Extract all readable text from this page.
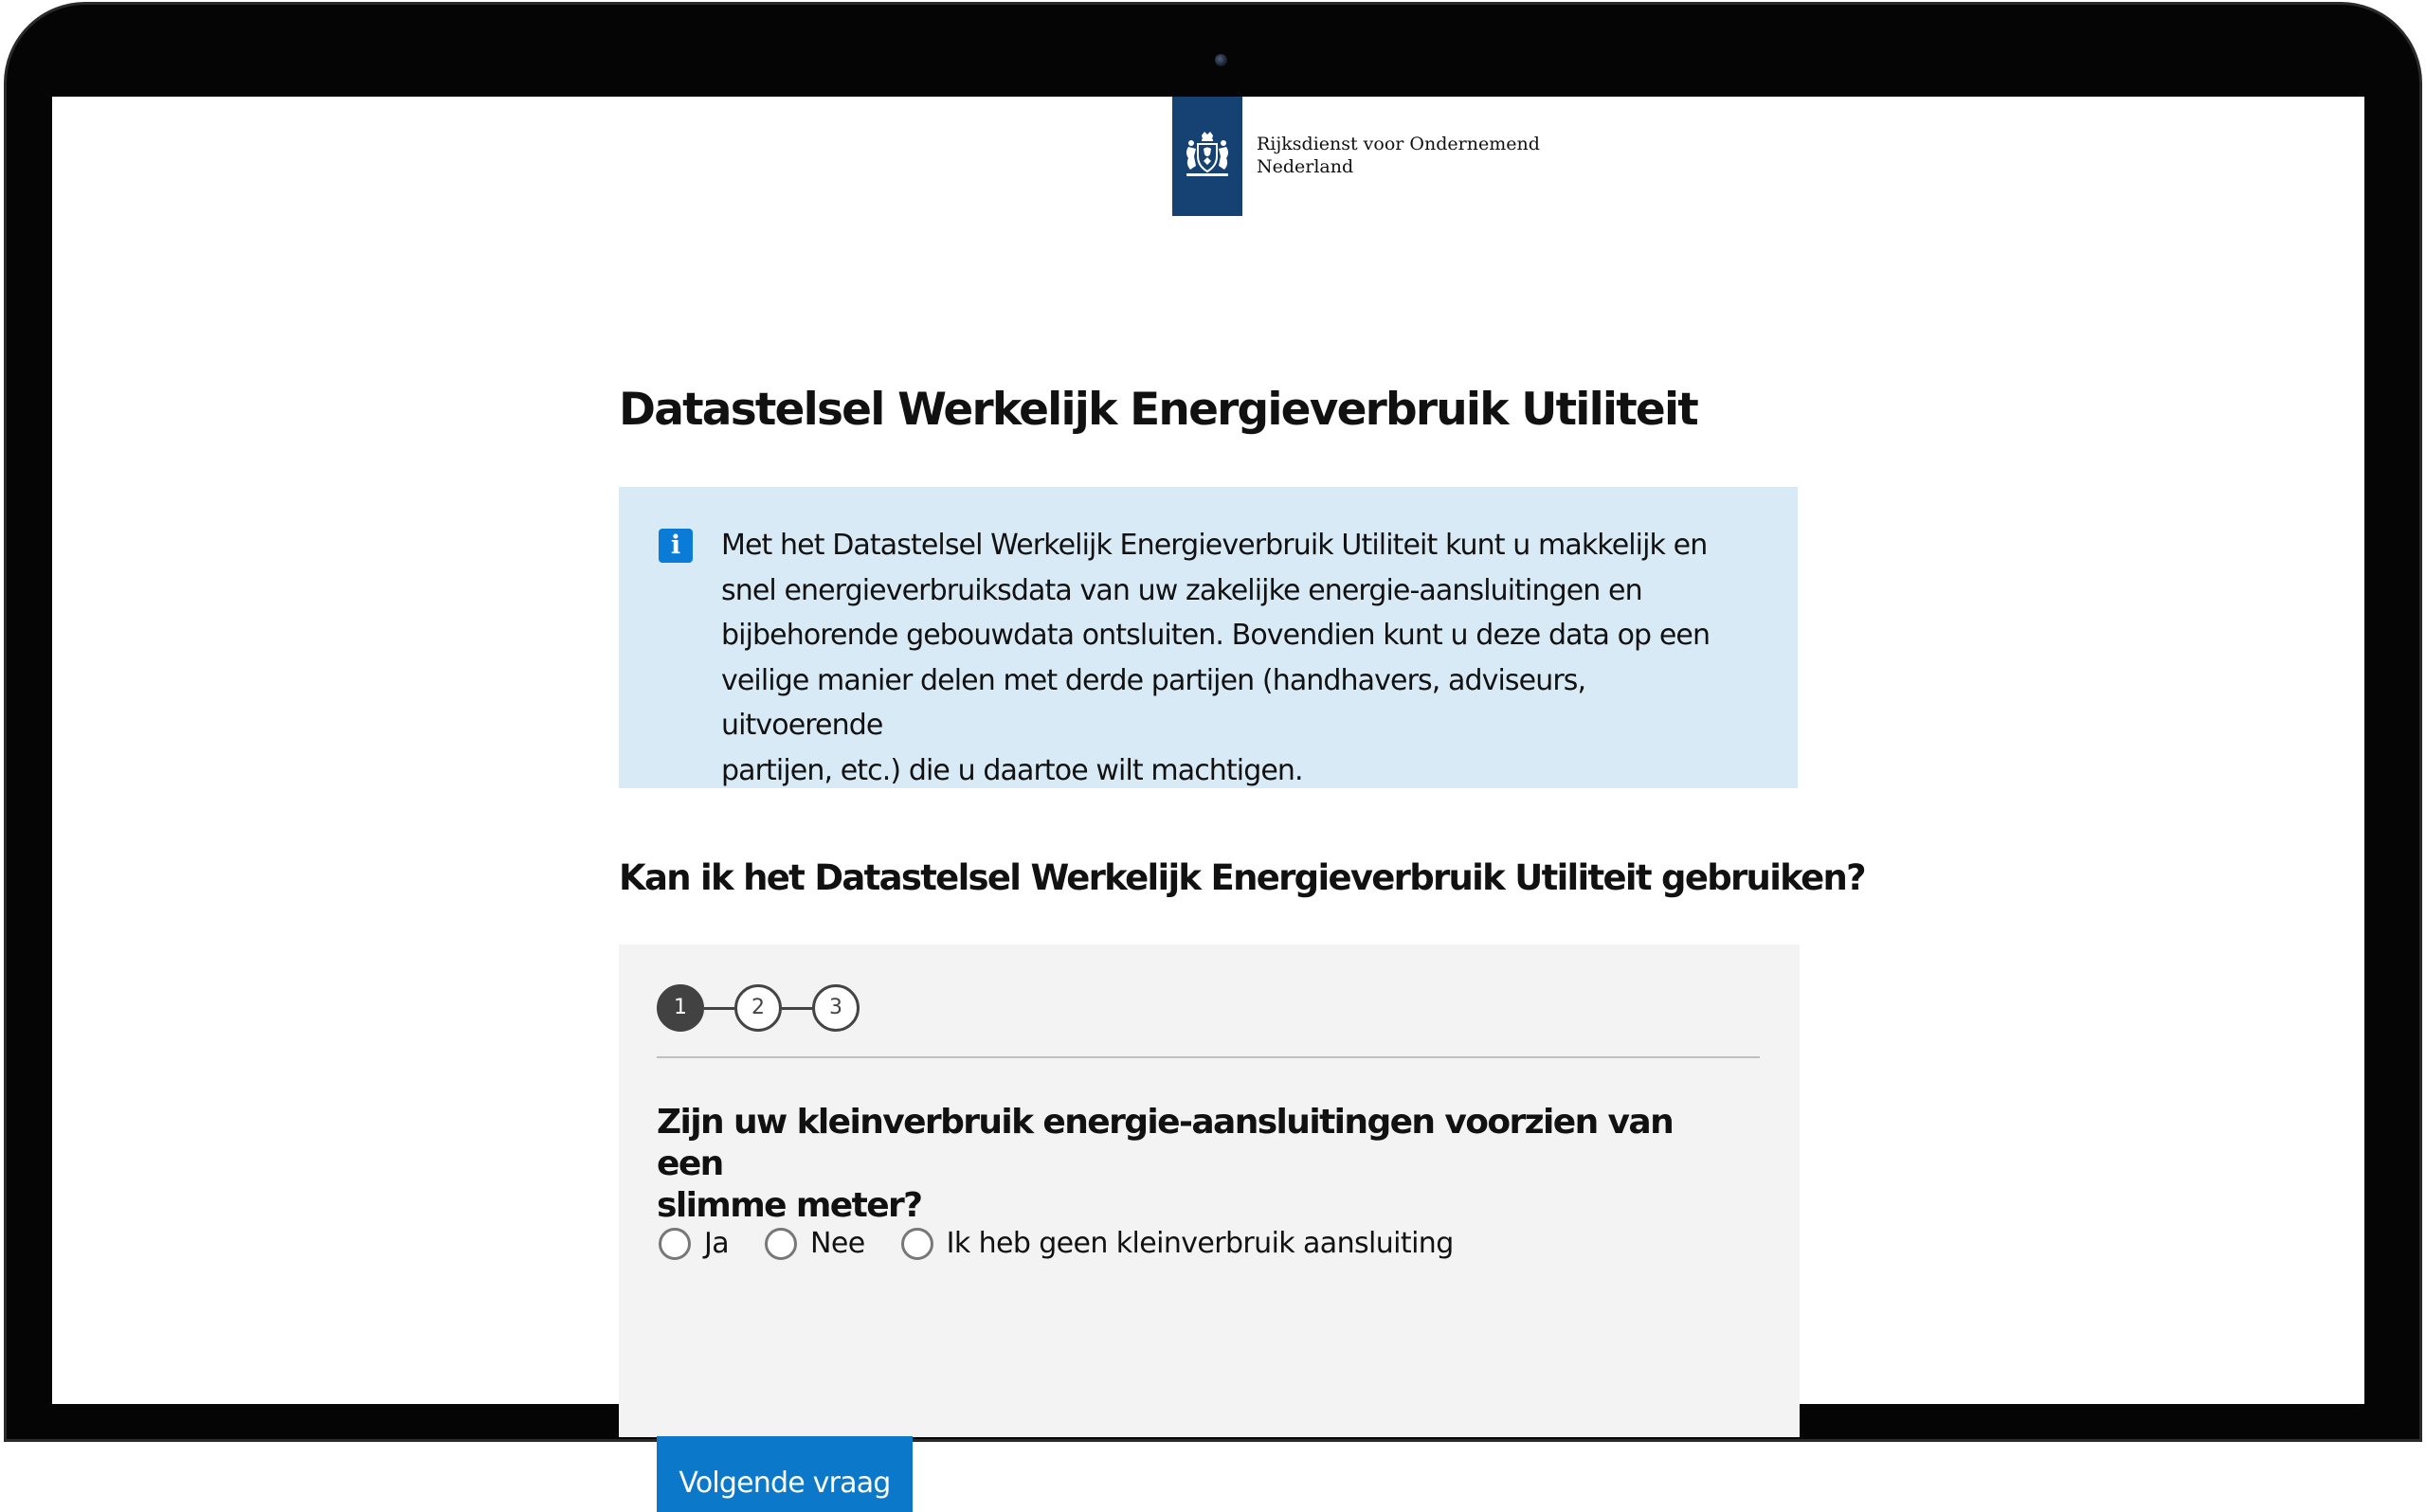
Rijksdienst voor Ondernemend
Nederland
Datastelsel Werkelijk Energieverbruik Utiliteit
i	Met het Datastelsel Werkelijk Energieverbruik Utiliteit kunt u makkelijk en
snel energieverbruiksdata van uw zakelijke energie-aansluitingen en
bijbehorende gebouwdata ontsluiten. Bovendien kunt u deze data op een
veilige manier delen met derde partijen (handhavers, adviseurs, uitvoerende
partijen, etc.) die u daartoe wilt machtigen.

Kan ik het Datastelsel Werkelijk Energieverbruik Utiliteit gebruiken?
1	2	3
Zijn uw kleinverbruik energie-aansluitingen voorzien van een
slimme meter?
Ja	Nee	Ik heb geen kleinverbruik aansluiting
Volgende vraag
